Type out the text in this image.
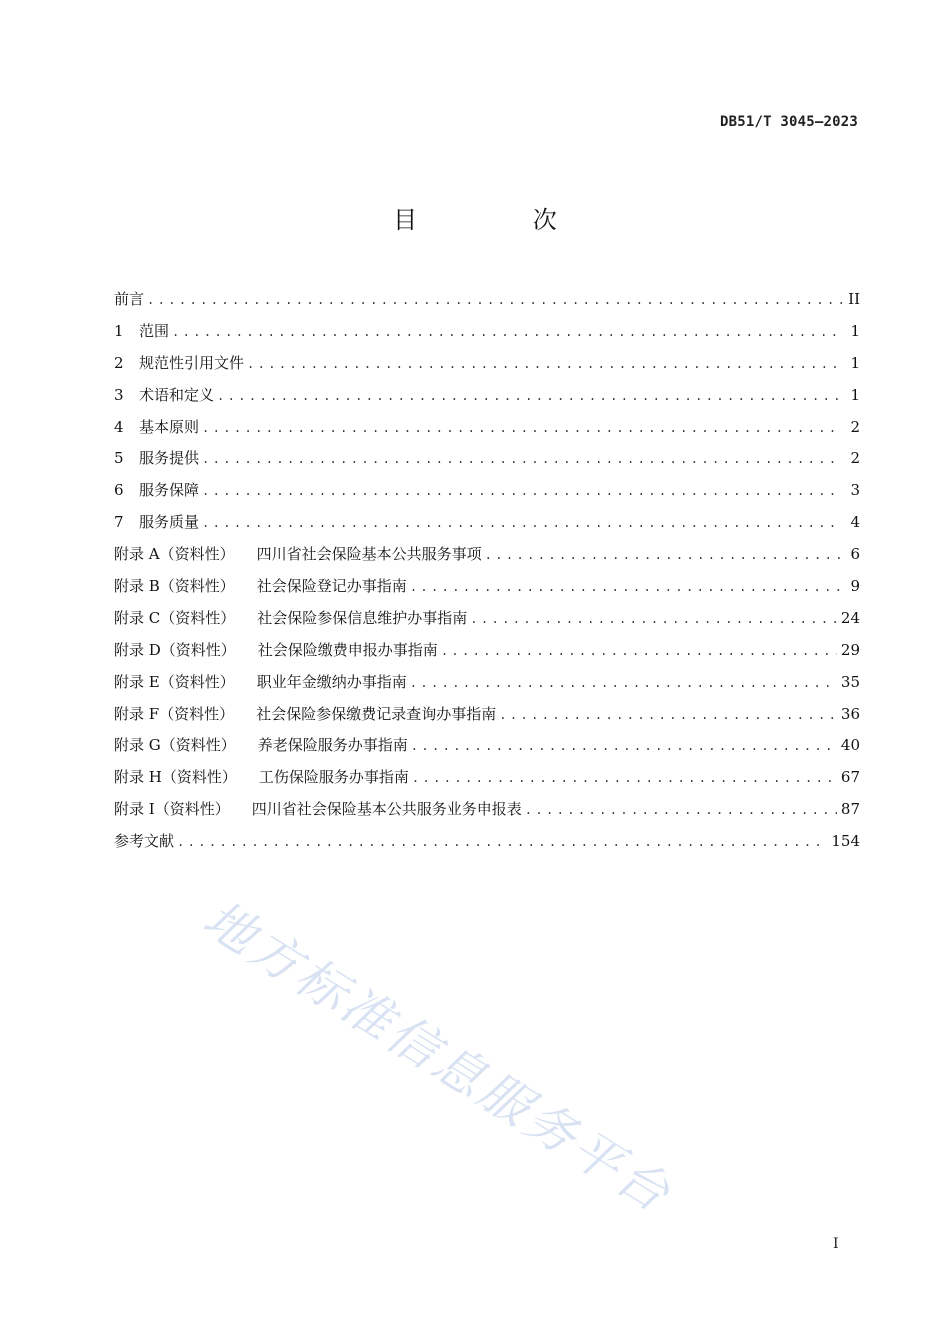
DB51/T 3045—2023
目 次
前言 .....	II
1	范围 .....	1
2	规范性引用文件 .....	1
3	术语和定义 .....	1
4	基本原则 .....	2
5	服务提供 .....	2
6	服务保障 .....	3
7	服务质量 .....	4
附录 A（资料性） 四川省社会保险基本公共服务事项 .....	6
附录 B（资料性） 社会保险登记办事指南 .....	9
附录 C（资料性） 社会保险参保信息维护办事指南 .....	24
附录 D（资料性） 社会保险缴费申报办事指南 .....	29
附录 E（资料性） 职业年金缴纳办事指南 .....	35
附录 F（资料性） 社会保险参保缴费记录查询办事指南 .....	36
附录 G（资料性） 养老保险服务办事指南 .....	40
附录 H（资料性） 工伤保险服务办事指南 .....	67
附录 I（资料性） 四川省社会保险基本公共服务业务申报表 .....	87
参考文献 .....	154
地方标准信息服务平台
I
